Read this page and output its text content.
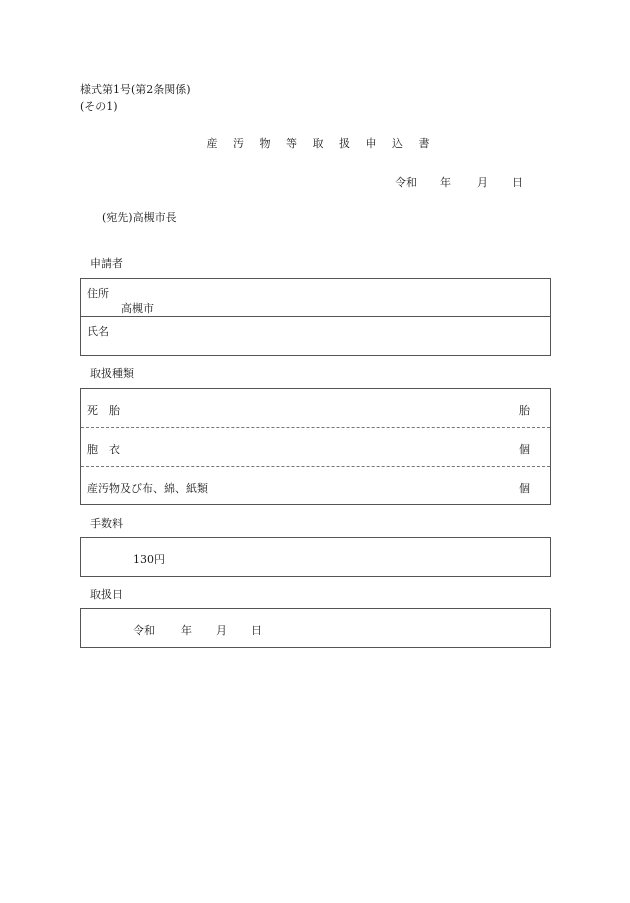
様式第1号(第2条関係)
(その1)
産 汚 物 等 取 扱 申 込 書
令和 年 月 日
(宛先)高槻市長
申請者
住所
高槻市
氏名
取扱種類
死　胎	胎
胞　衣	個
産汚物及び布、綿、紙類	個
手数料
130円
取扱日
令和 年 月 日
